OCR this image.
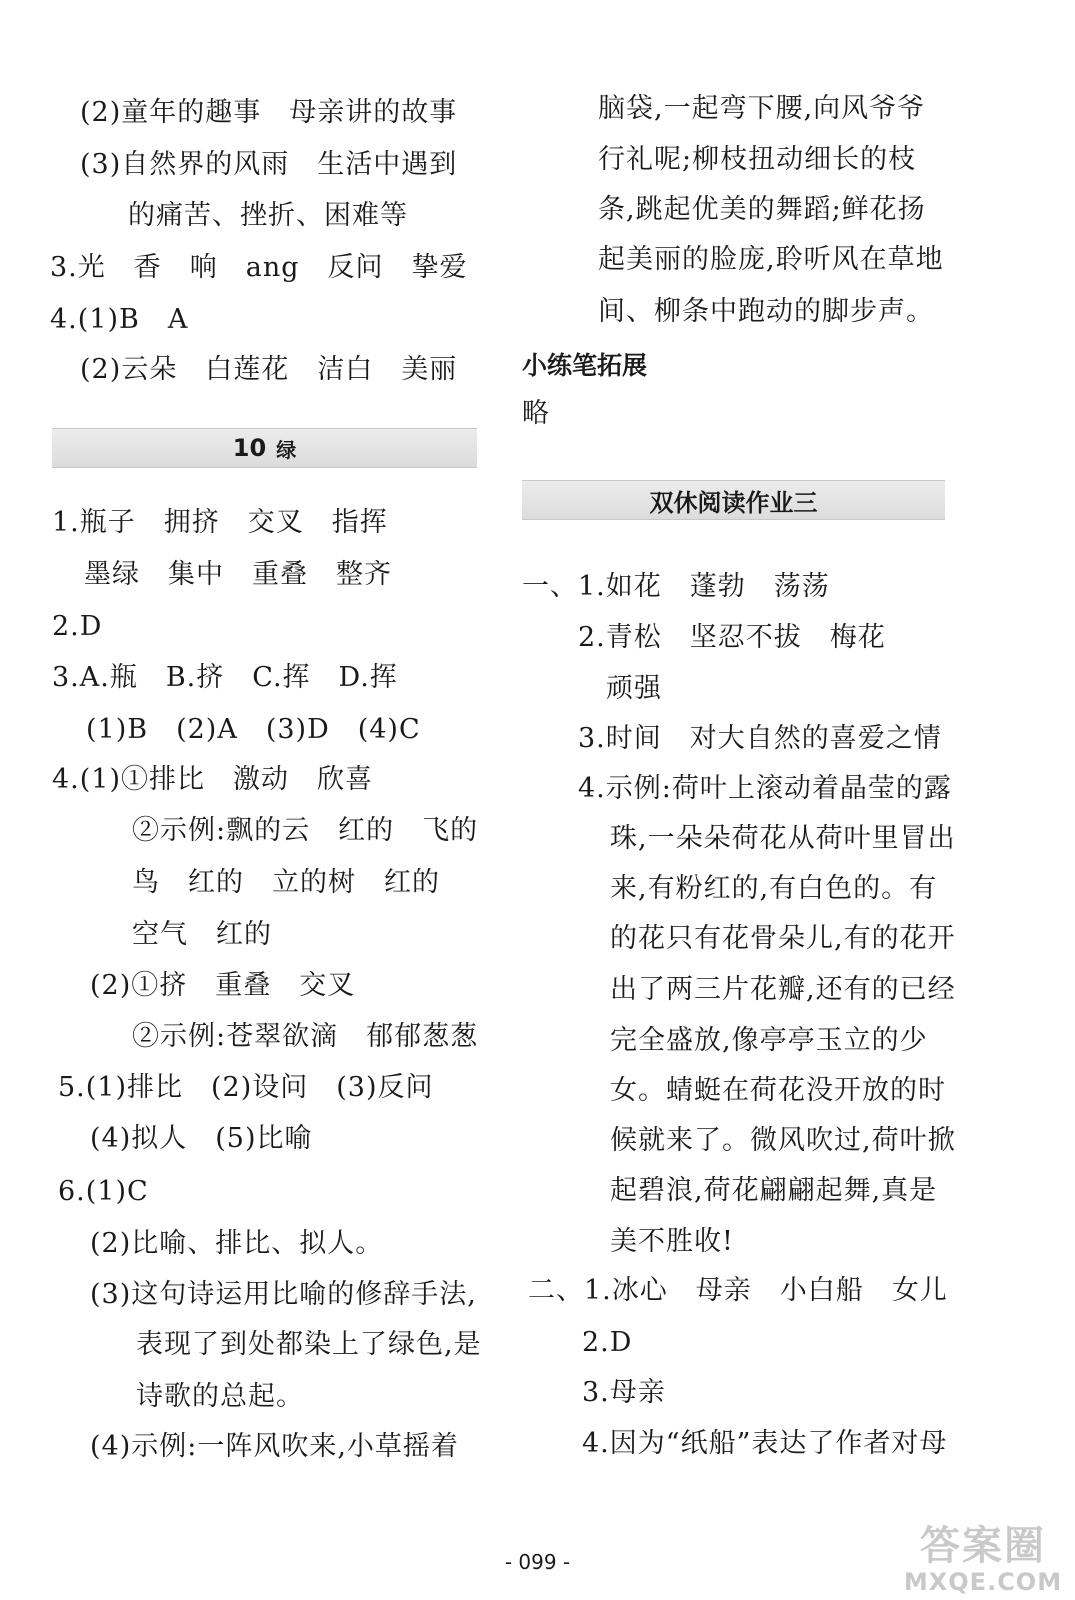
(2)童年的趣事　母亲讲的故事
(3)自然界的风雨　生活中遇到
的痛苦、挫折、困难等
3.光　香　响　ang　反问　挚爱
4.(1)B　A
(2)云朵　白莲花　洁白　美丽
10 绿
1.瓶子　拥挤　交叉　指挥
墨绿　集中　重叠　整齐
2.D
3.A.瓶　B.挤　C.挥　D.挥
(1)B　(2)A　(3)D　(4)C
4.(1)①排比　激动　欣喜
②示例:飘的云　红的　飞的
鸟　红的　立的树　红的
空气　红的
(2)①挤　重叠　交叉
②示例:苍翠欲滴　郁郁葱葱
5.(1)排比　(2)设问　(3)反问
(4)拟人　(5)比喻
6.(1)C
(2)比喻、排比、拟人。
(3)这句诗运用比喻的修辞手法,
表现了到处都染上了绿色,是
诗歌的总起。
(4)示例:一阵风吹来,小草摇着
脑袋,一起弯下腰,向风爷爷
行礼呢;柳枝扭动细长的枝
条,跳起优美的舞蹈;鲜花扬
起美丽的脸庞,聆听风在草地
间、柳条中跑动的脚步声。
小练笔拓展
略
双休阅读作业三
一、1.如花　蓬勃　荡荡
2.青松　坚忍不拔　梅花
顽强
3.时间　对大自然的喜爱之情
4.示例:荷叶上滚动着晶莹的露
珠,一朵朵荷花从荷叶里冒出
来,有粉红的,有白色的。有
的花只有花骨朵儿,有的花开
出了两三片花瓣,还有的已经
完全盛放,像亭亭玉立的少
女。蜻蜓在荷花没开放的时
候就来了。微风吹过,荷叶掀
起碧浪,荷花翩翩起舞,真是
美不胜收!
二、1.冰心　母亲　小白船　女儿
2.D
3.母亲
4.因为“纸船”表达了作者对母
- 099 -	答案圈
MXQE.COM
